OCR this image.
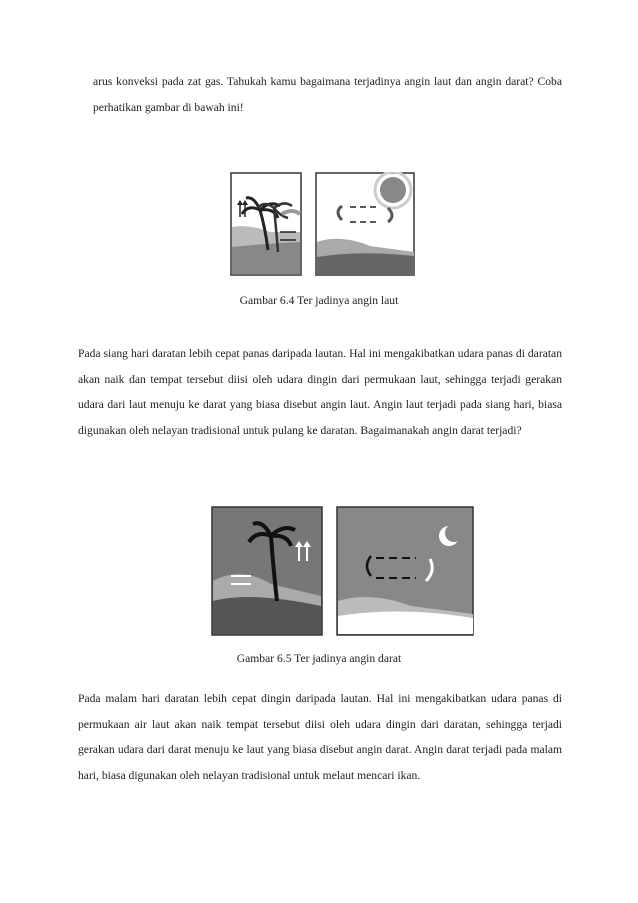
arus konveksi pada zat gas. Tahukah kamu bagaimana terjadinya angin laut dan angin darat? Coba perhatikan gambar di bawah ini!

Gambar 6.4 Ter jadinya angin laut

Pada siang hari daratan lebih cepat panas daripada lautan. Hal ini mengakibatkan udara panas di daratan akan naik dan tempat tersebut diisi oleh udara dingin dari permukaan laut, sehingga terjadi gerakan udara dari laut menuju ke darat yang biasa disebut angin laut. Angin laut terjadi pada siang hari, biasa digunakan oleh nelayan tradisional untuk pulang ke daratan. Bagaimanakah angin darat terjadi?

Gambar 6.5 Ter jadinya angin darat

Pada malam hari daratan lebih cepat dingin daripada lautan. Hal ini mengakibatkan udara panas di permukaan air laut akan naik tempat tersebut diisi oleh udara dingin dari daratan, sehingga terjadi gerakan udara dari darat menuju ke laut yang biasa disebut angin darat. Angin darat terjadi pada malam hari, biasa digunakan oleh nelayan tradisional untuk melaut mencari ikan.
